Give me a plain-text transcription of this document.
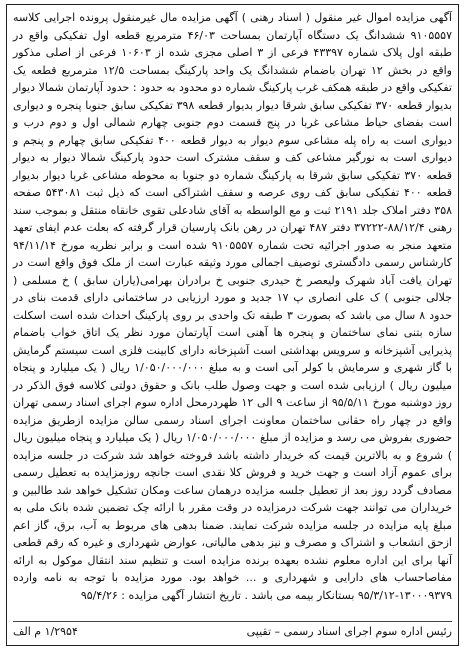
آگهی مزایده اموال غیر منقول ( اسناد رهنی ) آگهی مزایده مال غیرمنقول پرونده اجرایی کلاسه ۹۱۰۵۵۵۷ ششدانگ یک دستگاه آپارتمان بمساحت ۴۶/۰۳ مترمربع قطعه اول تفکیکی واقع در طبقه اول پلاک شماره ۴۳۳۹۷ فرعی از ۳ اصلی مجزی شده از ۱۰۶۰۳ فرعی از اصلی مذکور واقع در بخش ۱۲ تهران باضمام ششدانگ یک واحد پارکینگ بمساحت ۱۲/۵ مترمربع قطعه یک تفکیکی واقع در طبقه همکف غرب پارکینگ شماره دو محدود به حدود : حدود آپارتمان شمالا دیوار بدیوار قطعه ۳۷۰ تفکیکی سابق شرقا دیوار بدیوار قطعه ۳۹۸ تفکیکی سابق جنوبا پنجره و دیواری است بفضای حیاط مشاعی غربا در پنج قسمت دوم جنوبی چهارم شمالی اول و دوم درب و دیواری است به راه پله مشاعی سوم دیوار به دیوار قطعه ۴۰۰ تفکیکی سابق چهارم و پنجم و دیواری است به نورگیر مشاعی کف و سقف مشترک است حدود پارکینگ شمالا دیوار به دیوار قطعه ۳۷۰ تفکیکی سابق شرقا به پارکینگ شماره دو جنوبا به محوطه مشاعی غربا دیوار بدیوار قطعه ۴۰۰ تفکیکی سابق کف روی عرصه و سقف اشتراکی است که ذیل ثبت ۵۴۳۰۸۱ صفحه ۳۵۸ دفتر املاک جلد ۲۱۹۱ ثبت و مع الواسطه به آقای شادعلی تقوی خانقاه منتقل و بموجب سند رهنی ۸۸/۱۲/۴-۳۷۲۲۲ دفتر ۴۸۷ تهران در رهن بانک پارسیان قرار گرفته که بعلت عدم ایفای تعهد متعهد منجر به صدور اجرائیه تحت شماره ۹۱۰۵۵۵۷ شده است و برابر نظریه مورخ ۹۴/۱۱/۱۴ کارشناس رسمی دادگستری توصیف اجمالی مورد وثیقه عبارت است از ملک فوق واقع است در تهران یافت آباد شهرک ولیعصر خ حیدری جنوبی خ برادران بهرامی(یاران سابق ) خ مسلمی ( جلالی جنوبی ) ک علی انصاری پ ۱۷ جدید و مورد ارزیابی در ساختمانی دارای قدمت بنای در حدود ۸ سال می باشد که بصورت ۳ طبقه تک واحدی بر روی پارکینگ احداث شده است اسکلت سازه بتنی نمای ساختمان و پنجره ها آهنی است آپارتمان مورد نظر یک اتاق خواب باضمام پذیرایی آشپزخانه و سرویس بهداشتی است آشپزخانه دارای کابینت فلزی است سیستم گرمایش با گاز شهری و سرمایش با کولر آبی است و به مبلغ ۱/۰۵۰/۰۰۰/۰۰۰ ریال ( یک میلیارد و پنجاه میلیون ریال ) ارزیابی شده است و جهت وصول طلب بانک و حقوق دولتی کلاسه فوق الذکر در روز دوشنبه مورخ ۹۵/۵/۱۱ از ساعت ۹ الی ۱۲ ظهردرمحل اداره سوم اجرای اسناد رسمی تهران واقع در چهار راه حقانی ساختمان معاونت اجرای اسناد رسمی سالن مزایده ازطریق مزایده حضوری بفروش می رسد و مزایده از مبلغ ۱/۰۵۰/۰۰۰/۰۰۰ ریال ( یک میلیارد و پنجاه میلیون ریال ) شروع و به بالاترین قیمت که خریدار داشته باشد فروخته خواهد شد شرکت در جلسه مزایده برای عموم آزاد است و جهت خرید و فروش کلا نقدی است جانچه روزمزایده به تعطیل رسمی مصادف گردد روز بعد از تعطیل جلسه مزایده درهمان ساعت ومکان تشکیل خواهد شد طالبین و خریداران می توانند جهت شرکت درمزایده در وقت مقرر با ارائه چک تضمین شده بانک ملی به مبلغ پایه مزایده در جلسه مزایده شرکت نمایند. ضمنا بدهی های مربوط به آب، برق، گاز اعم ازحق انشعاب و اشتراک و مصرف و نیز بدهی مالیاتی، عوارض شهرداری و غیره که رقم قطعی آنها برای این اداره معلوم نشده بعهده برنده مزایده است و تنظیم سند انتقال موکول به ارائه مفاصاحساب های دارایی و شهرداری و ... خواهد بود. مورد مزایده با توجه به نامه وارده ۱۳۰۰۰۹۳۷۹-۹۵/۳/۱۲ بستانکار بیمه می باشد . تاریخ انتشار آگهی مزایده : ۹۵/۴/۲۶

رئیس اداره سوم اجرای اسناد رسمی – تقیپی
۱/۲۹۵۴ م الف
